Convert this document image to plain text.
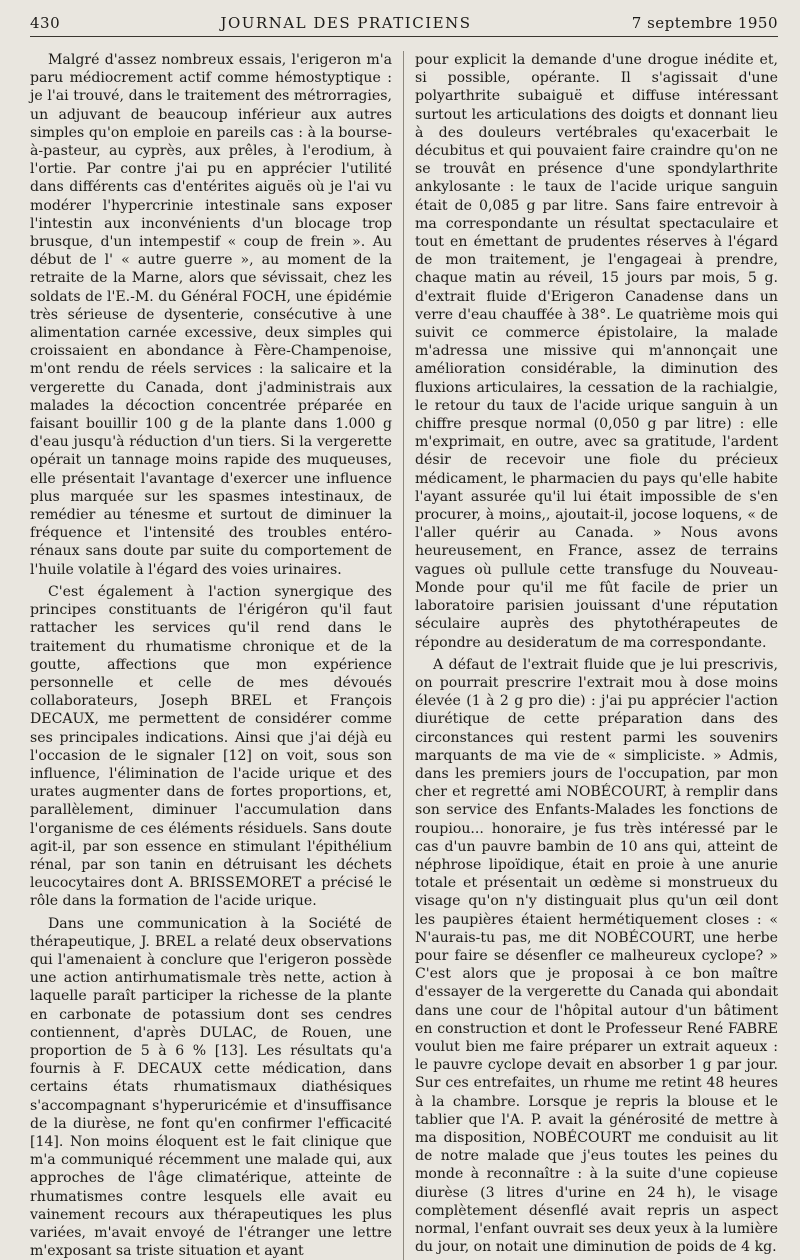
430	JOURNAL DES PRATICIENS	7 septembre 1950

Malgré d'assez nombreux essais, l'erigeron m'a paru médiocrement actif comme hémostyptique : je l'ai trouvé, dans le traitement des métrorragies, un adjuvant de beaucoup inférieur aux autres simples qu'on emploie en pareils cas : à la bourse-à-pasteur, au cyprès, aux prêles, à l'erodium, à l'ortie. Par contre j'ai pu en apprécier l'utilité dans différents cas d'entérites aiguës où je l'ai vu modérer l'hypercrinie intestinale sans exposer l'intestin aux inconvénients d'un blocage trop brusque, d'un intempestif « coup de frein ». Au début de l' « autre guerre », au moment de la retraite de la Marne, alors que sévissait, chez les soldats de l'E.-M. du Général FOCH, une épidémie très sérieuse de dysenterie, consécutive à une alimentation carnée excessive, deux simples qui croissaient en abondance à Fère-Champenoise, m'ont rendu de réels services : la salicaire et la vergerette du Canada, dont j'administrais aux malades la décoction concentrée préparée en faisant bouillir 100 g de la plante dans 1.000 g d'eau jusqu'à réduction d'un tiers. Si la vergerette opérait un tannage moins rapide des muqueuses, elle présentait l'avantage d'exercer une influence plus marquée sur les spasmes intestinaux, de remédier au ténesme et surtout de diminuer la fréquence et l'intensité des troubles entéro-rénaux sans doute par suite du comportement de l'huile volatile à l'égard des voies urinaires.

C'est également à l'action synergique des principes constituants de l'érigéron qu'il faut rattacher les services qu'il rend dans le traitement du rhumatisme chronique et de la goutte, affections que mon expérience personnelle et celle de mes dévoués collaborateurs, Joseph BREL et François DECAUX, me permettent de considérer comme ses principales indications. Ainsi que j'ai déjà eu l'occasion de le signaler [12] on voit, sous son influence, l'élimination de l'acide urique et des urates augmenter dans de fortes proportions, et, parallèlement, diminuer l'accumulation dans l'organisme de ces éléments résiduels. Sans doute agit-il, par son essence en stimulant l'épithélium rénal, par son tanin en détruisant les déchets leucocytaires dont A. BRISSEMORET a précisé le rôle dans la formation de l'acide urique.

Dans une communication à la Société de thérapeutique, J. BREL a relaté deux observations qui l'amenaient à conclure que l'erigeron possède une action antirhumatismale très nette, action à laquelle paraît participer la richesse de la plante en carbonate de potassium dont ses cendres contiennent, d'après DULAC, de Rouen, une proportion de 5 à 6 % [13]. Les résultats qu'a fournis à F. DECAUX cette médication, dans certains états rhumatismaux diathésiques s'accompagnant s'hyperuricémie et d'insuffisance de la diurèse, ne font qu'en confirmer l'efficacité [14]. Non moins éloquent est le fait clinique que m'a communiqué récemment une malade qui, aux approches de l'âge climatérique, atteinte de rhumatismes contre lesquels elle avait eu vainement recours aux thérapeutiques les plus variées, m'avait envoyé de l'étranger une lettre m'exposant sa triste situation et ayant

pour explicit la demande d'une drogue inédite et, si possible, opérante. Il s'agissait d'une polyarthrite subaiguë et diffuse intéressant surtout les articulations des doigts et donnant lieu à des douleurs vertébrales qu'exacerbait le décubitus et qui pouvaient faire craindre qu'on ne se trouvât en présence d'une spondylarthrite ankylosante : le taux de l'acide urique sanguin était de 0,085 g par litre. Sans faire entrevoir à ma correspondante un résultat spectaculaire et tout en émettant de prudentes réserves à l'égard de mon traitement, je l'engageai à prendre, chaque matin au réveil, 15 jours par mois, 5 g. d'extrait fluide d'Erigeron Canadense dans un verre d'eau chauffée à 38°. Le quatrième mois qui suivit ce commerce épistolaire, la malade m'adressa une missive qui m'annonçait une amélioration considérable, la diminution des fluxions articulaires, la cessation de la rachialgie, le retour du taux de l'acide urique sanguin à un chiffre presque normal (0,050 g par litre) : elle m'exprimait, en outre, avec sa gratitude, l'ardent désir de recevoir une fiole du précieux médicament, le pharmacien du pays qu'elle habite l'ayant assurée qu'il lui était impossible de s'en procurer, à moins,, ajoutait-il, jocose loquens, « de l'aller quérir au Canada. » Nous avons heureusement, en France, assez de terrains vagues où pullule cette transfuge du Nouveau-Monde pour qu'il me fût facile de prier un laboratoire parisien jouissant d'une réputation séculaire auprès des phytothérapeutes de répondre au desideratum de ma correspondante.

A défaut de l'extrait fluide que je lui prescrivis, on pourrait prescrire l'extrait mou à dose moins élevée (1 à 2 g pro die) : j'ai pu apprécier l'action diurétique de cette préparation dans des circonstances qui restent parmi les souvenirs marquants de ma vie de « simpliciste. » Admis, dans les premiers jours de l'occupation, par mon cher et regretté ami NOBÉCOURT, à remplir dans son service des Enfants-Malades les fonctions de roupiou... honoraire, je fus très intéressé par le cas d'un pauvre bambin de 10 ans qui, atteint de néphrose lipoïdique, était en proie à une anurie totale et présentait un œdème si monstrueux du visage qu'on n'y distinguait plus qu'un œil dont les paupières étaient hermétiquement closes : « N'aurais-tu pas, me dit NOBÉCOURT, une herbe pour faire se désenfler ce malheureux cyclope? » C'est alors que je proposai à ce bon maître d'essayer de la vergerette du Canada qui abondait dans une cour de l'hôpital autour d'un bâtiment en construction et dont le Professeur René FABRE voulut bien me faire préparer un extrait aqueux : le pauvre cyclope devait en absorber 1 g par jour. Sur ces entrefaites, un rhume me retint 48 heures à la chambre. Lorsque je repris la blouse et le tablier que l'A. P. avait la générosité de mettre à ma disposition, NOBÉCOURT me conduisit au lit de notre malade que j'eus toutes les peines du monde à reconnaître : à la suite d'une copieuse diurèse (3 litres d'urine en 24 h), le visage complètement désenflé avait repris un aspect normal, l'enfant ouvrait ses deux yeux à la lumière du jour, on notait une diminution de poids de 4 kg.
